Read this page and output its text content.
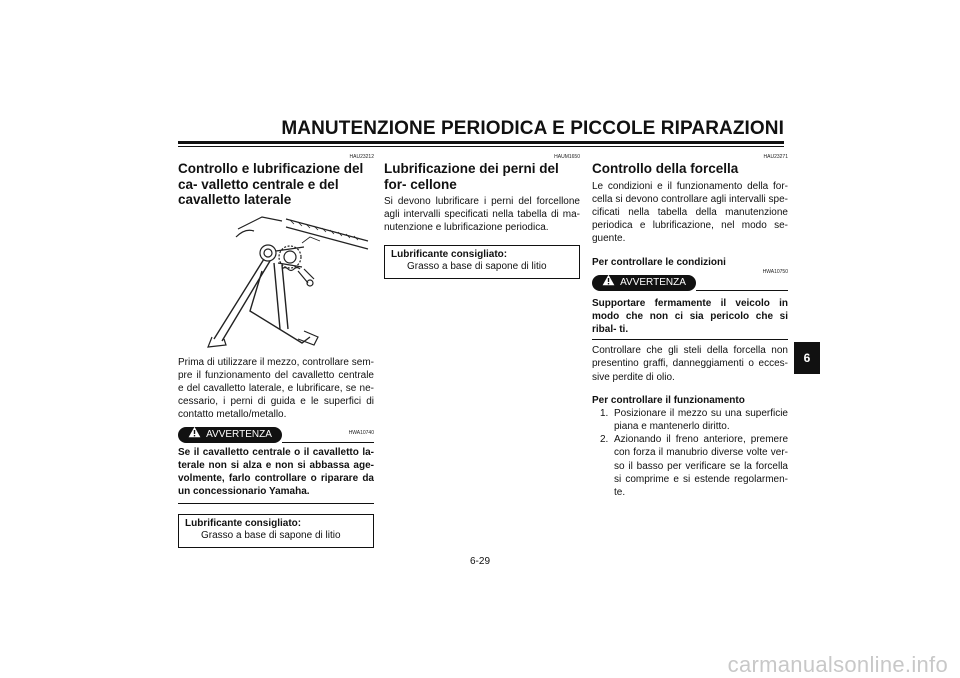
MANUTENZIONE PERIODICA E PICCOLE RIPARAZIONI
HAU23212
Controllo e lubrificazione del ca- valletto centrale e del cavalletto laterale

Prima di utilizzare il mezzo, controllare sem- pre il funzionamento del cavalletto centrale e del cavalletto laterale, e lubrificare, se ne- cessario, i perni di guida e le superfici di contatto metallo/metallo.

AVVERTENZA	HWA10740

Se il cavalletto centrale o il cavalletto la- terale non si alza e non si abbassa age- volmente, farlo controllare o riparare da un concessionario Yamaha.

Lubrificante consigliato:
Grasso a base di sapone di litio
HAUM1650
Lubrificazione dei perni del for- cellone

Si devono lubrificare i perni del forcellone agli intervalli specificati nella tabella di ma- nutenzione e lubrificazione periodica.

Lubrificante consigliato:
Grasso a base di sapone di litio
HAU23271
Controllo della forcella

Le condizioni e il funzionamento della for- cella si devono controllare agli intervalli spe- cificati nella tabella della manutenzione periodica e lubrificazione, nel modo se- guente.

Per controllare le condizioni

HWA10750
AVVERTENZA

Supportare fermamente il veicolo in modo che non ci sia pericolo che si ribal- ti.

Controllare che gli steli della forcella non presentino graffi, danneggiamenti o ecces- sive perdite di olio.

Per controllare il funzionamento

1. Posizionare il mezzo su una superficie piana e mantenerlo diritto.
2. Azionando il freno anteriore, premere con forza il manubrio diverse volte ver- so il basso per verificare se la forcella si comprime e si estende regolarmen- te.
6
6-29
carmanualsonline.info
